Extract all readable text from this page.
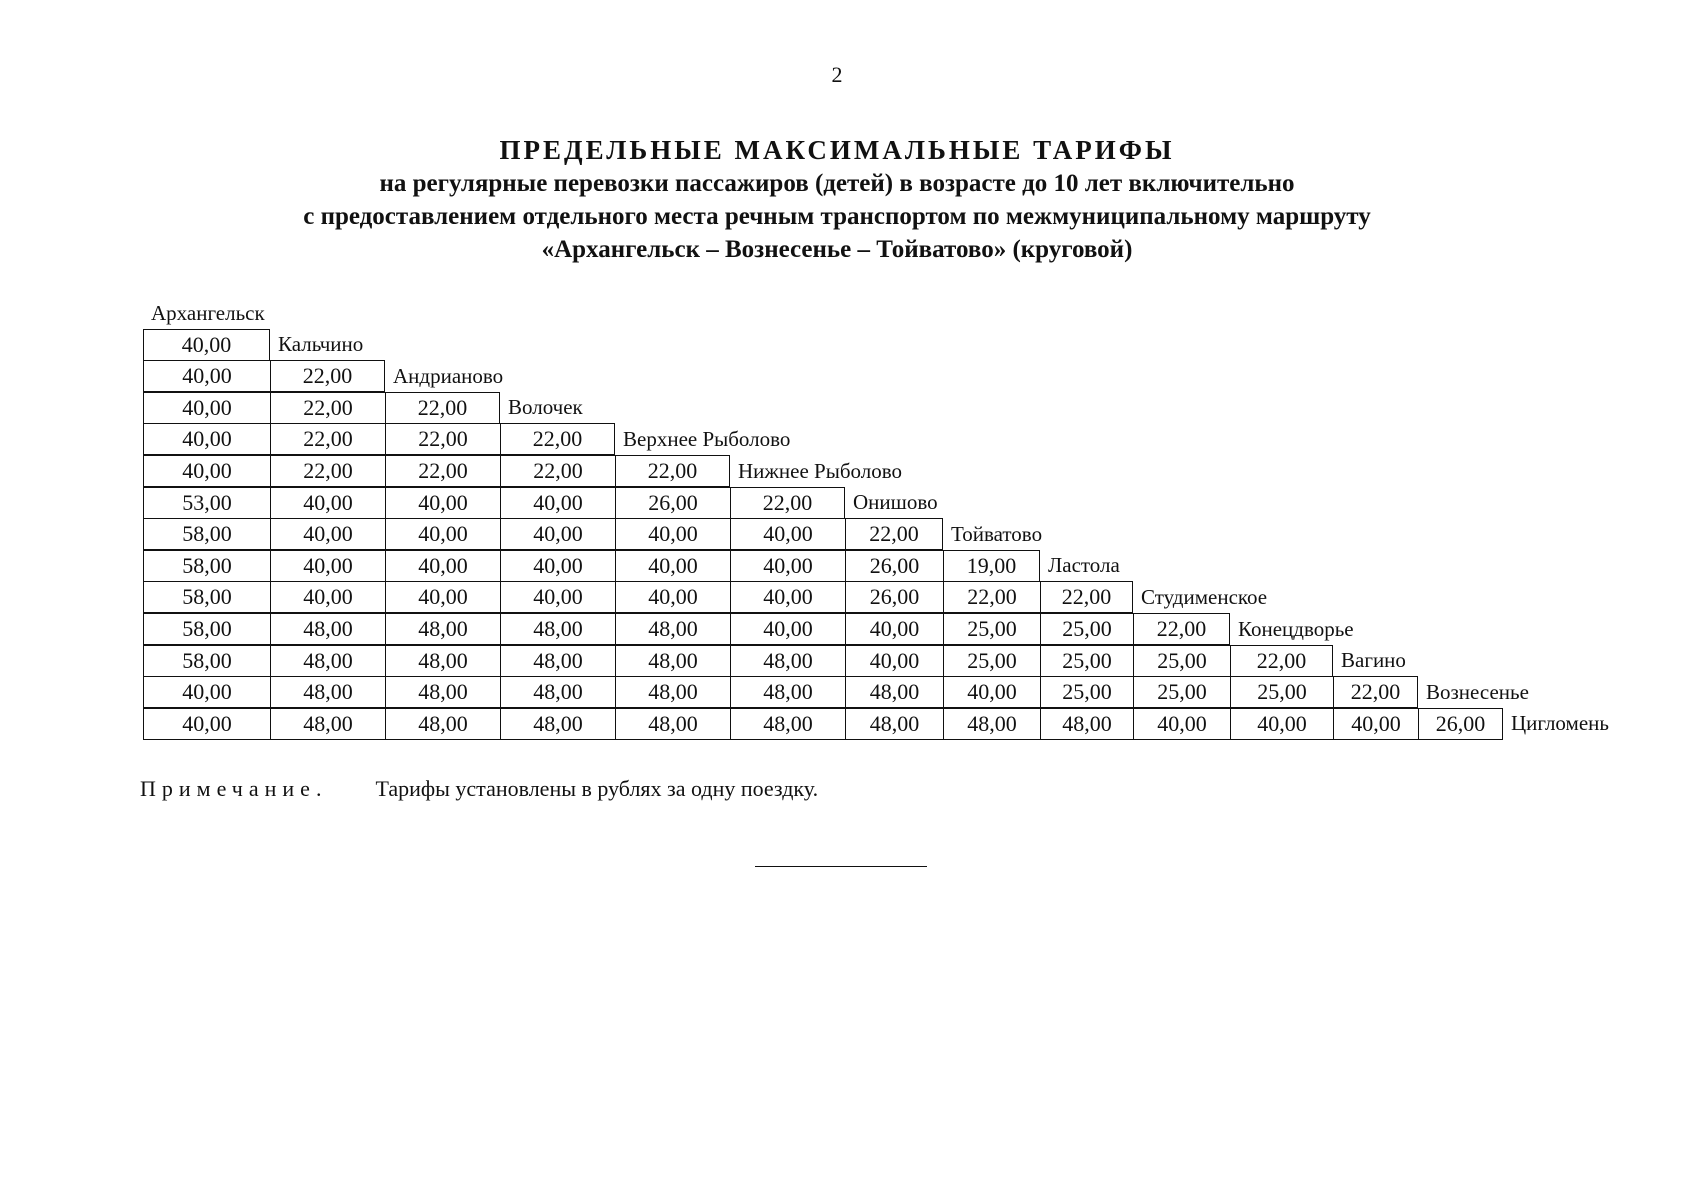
2
ПРЕДЕЛЬНЫЕ МАКСИМАЛЬНЫЕ ТАРИФЫ
на регулярные перевозки пассажиров (детей) в возрасте до 10 лет включительно
с предоставлением отдельного места речным транспортом по межмуниципальному маршруту
«Архангельск – Вознесенье – Тойватово» (круговой)
Архангельск
40,00	Кальчино
40,00	22,00	Андрианово
40,00	22,00	22,00	Волочек
40,00	22,00	22,00	22,00	Верхнее Рыболово
40,00	22,00	22,00	22,00	22,00	Нижнее Рыболово
53,00	40,00	40,00	40,00	26,00	22,00	Онишово
58,00	40,00	40,00	40,00	40,00	40,00	22,00	Тойватово
58,00	40,00	40,00	40,00	40,00	40,00	26,00	19,00	Ластола
58,00	40,00	40,00	40,00	40,00	40,00	26,00	22,00	22,00	Студименское
58,00	48,00	48,00	48,00	48,00	40,00	40,00	25,00	25,00	22,00	Конецдворье
58,00	48,00	48,00	48,00	48,00	48,00	40,00	25,00	25,00	25,00	22,00	Вагино
40,00	48,00	48,00	48,00	48,00	48,00	48,00	40,00	25,00	25,00	25,00	22,00	Вознесенье
40,00	48,00	48,00	48,00	48,00	48,00	48,00	48,00	48,00	40,00	40,00	40,00	26,00	Цигломень
Примечание. Тарифы установлены в рублях за одну поездку.
